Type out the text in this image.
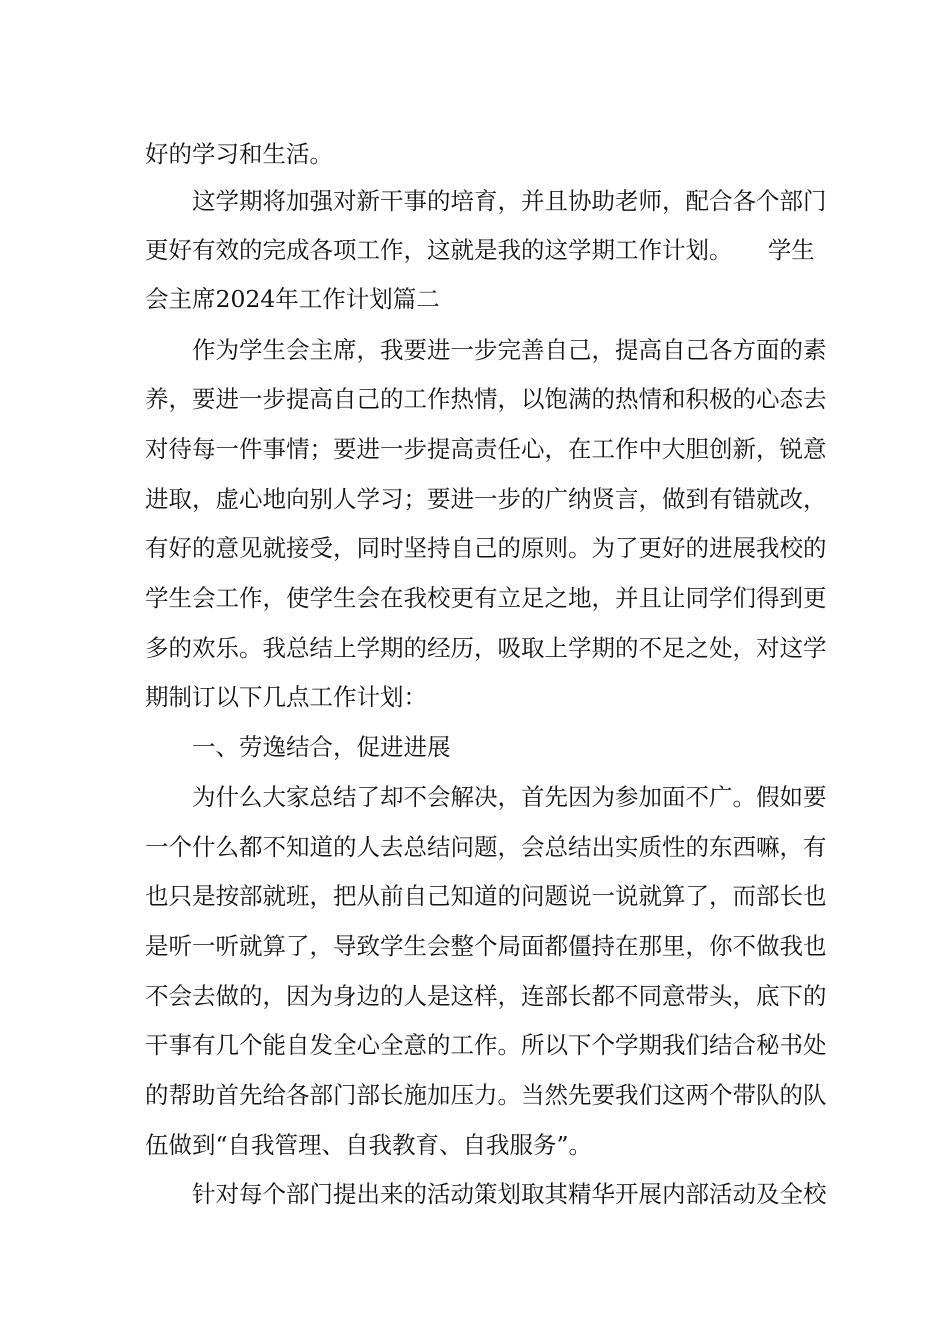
好的学习和生活。

　　这学期将加强对新干事的培育，并且协助老师，配合各个部门

更好有效的完成各项工作，这就是我的这学期工作计划。　　学生

会主席2024年工作计划篇二

　　作为学生会主席，我要进一步完善自己，提高自己各方面的素

养，要进一步提高自己的工作热情，以饱满的热情和积极的心态去

对待每一件事情；要进一步提高责任心，在工作中大胆创新，锐意

进取，虚心地向别人学习；要进一步的广纳贤言，做到有错就改，

有好的意见就接受，同时坚持自己的原则。为了更好的进展我校的

学生会工作，使学生会在我校更有立足之地，并且让同学们得到更

多的欢乐。我总结上学期的经历，吸取上学期的不足之处，对这学

期制订以下几点工作计划：

　　一、劳逸结合，促进进展

　　为什么大家总结了却不会解决，首先因为参加面不广。假如要

一个什么都不知道的人去总结问题，会总结出实质性的东西嘛，有

也只是按部就班，把从前自己知道的问题说一说就算了，而部长也

是听一听就算了，导致学生会整个局面都僵持在那里，你不做我也

不会去做的，因为身边的人是这样，连部长都不同意带头，底下的

干事有几个能自发全心全意的工作。所以下个学期我们结合秘书处

的帮助首先给各部门部长施加压力。当然先要我们这两个带队的队

伍做到“自我管理、自我教育、自我服务”。

　　针对每个部门提出来的活动策划取其精华开展内部活动及全校
